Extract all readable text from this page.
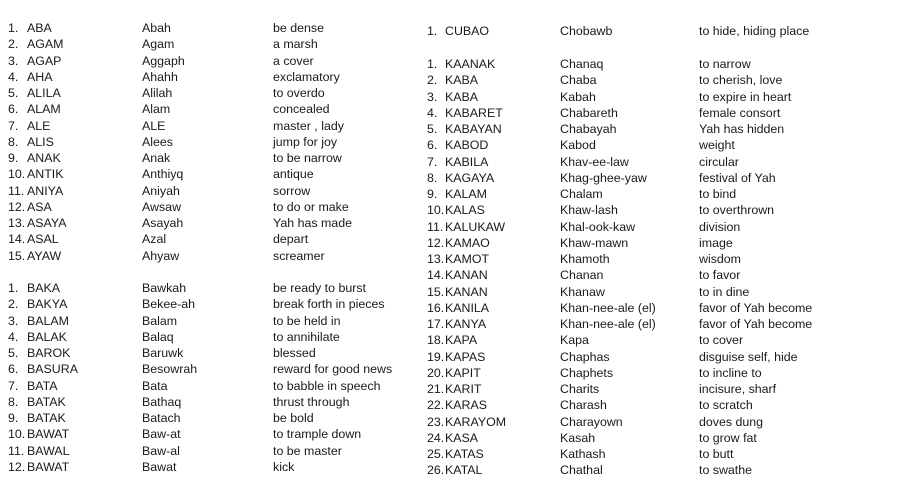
1. ABA	Abah	be dense
2. AGAM	Agam	a marsh
3. AGAP	Aggaph	a cover
4. AHA	Ahahh	exclamatory
5. ALILA	Alilah	to overdo
6. ALAM	Alam	concealed
7. ALE	ALE	master , lady
8. ALIS	Alees	jump for joy
9. ANAK	Anak	to be narrow
10. ANTIK	Anthiyq	antique
11. ANIYA	Aniyah	sorrow
12. ASA	Awsaw	to do or make
13. ASAYA	Asayah	Yah has made
14. ASAL	Azal	depart
15. AYAW	Ahyaw	screamer
1. BAKA	Bawkah	be ready to burst
2. BAKYA	Bekee-ah	break forth in pieces
3. BALAM	Balam	to be held in
4. BALAK	Balaq	to annihilate
5. BAROK	Baruwk	blessed
6. BASURA	Besowrah	reward for good news
7. BATA	Bata	to babble in speech
8. BATAK	Bathaq	thrust through
9. BATAK	Batach	be bold
10. BAWAT	Baw-at	to trample down
11. BAWAL	Baw-al	to be master
12. BAWAT	Bawat	kick
1. CUBAO	Chobawb	to hide, hiding place
1. KAANAK	Chanaq	to narrow
2. KABA	Chaba	to cherish, love
3. KABA	Kabah	to expire in heart
4. KABARET	Chabareth	female consort
5. KABAYAN	Chabayah	Yah has hidden
6. KABOD	Kabod	weight
7. KABILA	Khav-ee-law	circular
8. KAGAYA	Khag-ghee-yaw	festival of Yah
9. KALAM	Chalam	to bind
10. KALAS	Khaw-lash	to overthrown
11. KALUKAW	Khal-ook-kaw	division
12. KAMAO	Khaw-mawn	image
13. KAMOT	Khamoth	wisdom
14. KANAN	Chanan	to favor
15. KANAN	Khanaw	to in dine
16. KANILA	Khan-nee-ale (el)	favor of Yah become
17. KANYA	Khan-nee-ale (el)	favor of Yah become
18. KAPA	Kapa	to cover
19. KAPAS	Chaphas	disguise self, hide
20. KAPIT	Chaphets	to incline to
21. KARIT	Charits	incisure, sharf
22. KARAS	Charash	to scratch
23. KARAYOM	Charayown	doves dung
24. KASA	Kasah	to grow fat
25. KATAS	Kathash	to butt
26. KATAL	Chathal	to swathe
